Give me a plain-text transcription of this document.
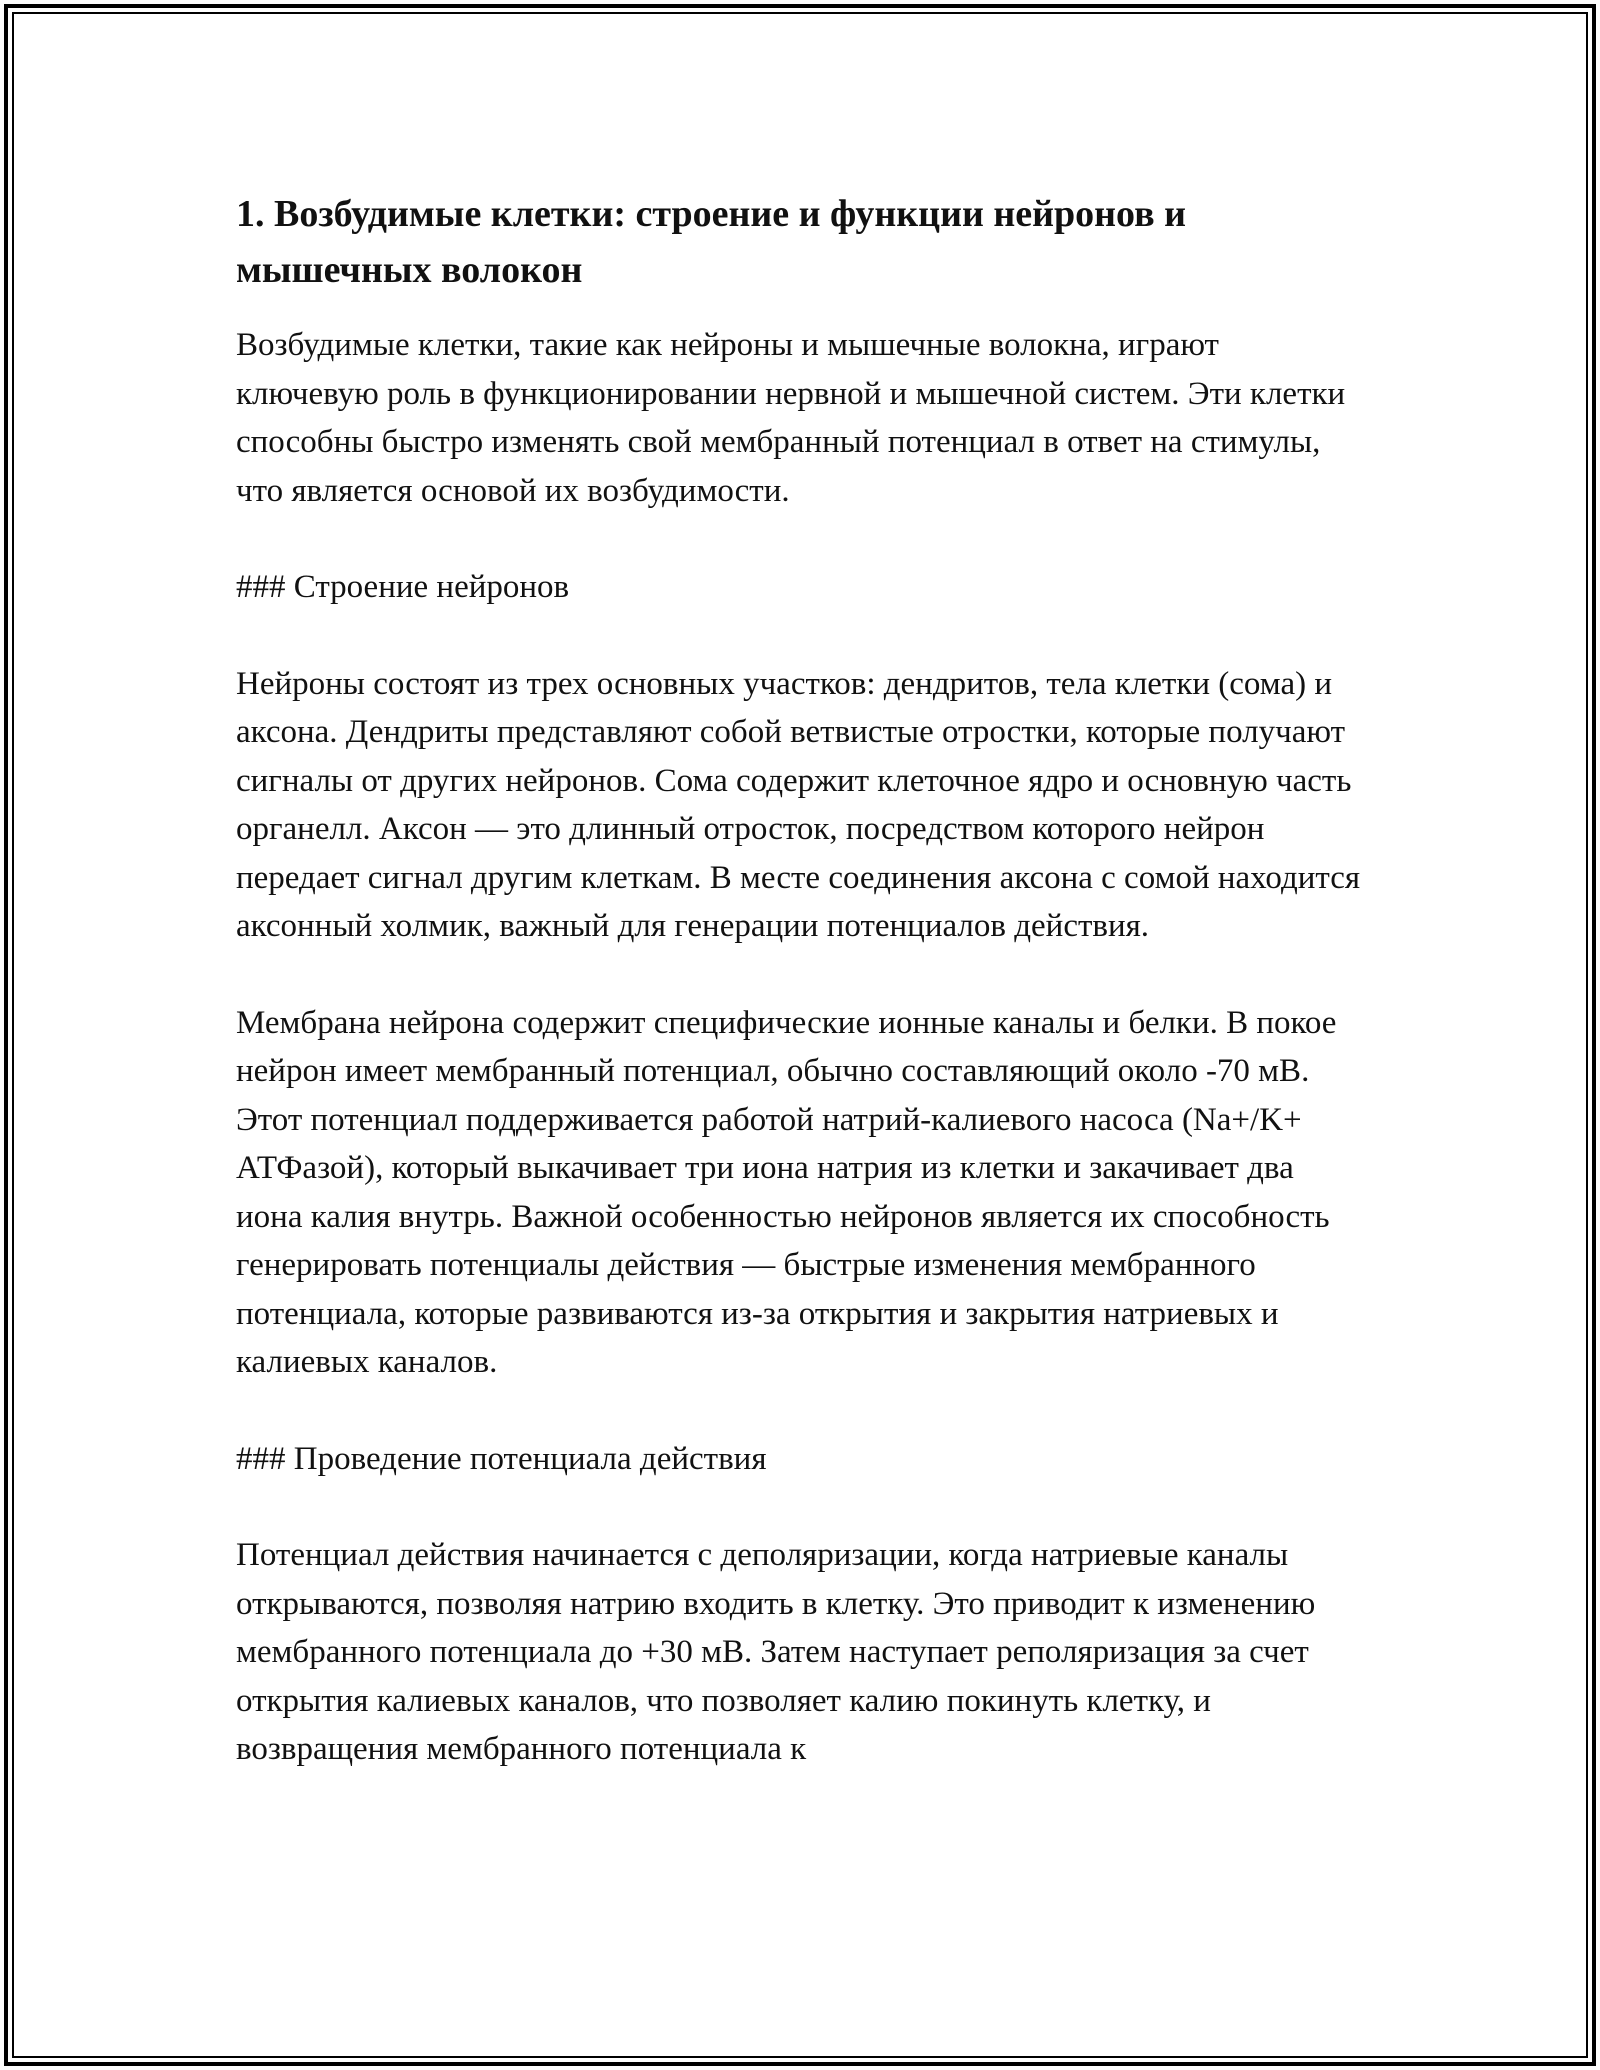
1. Возбудимые клетки: строение и функции нейронов и мышечных волокон

Возбудимые клетки, такие как нейроны и мышечные волокна, играют ключевую роль в функционировании нервной и мышечной систем. Эти клетки способны быстро изменять свой мембранный потенциал в ответ на стимулы, что является основой их возбудимости.

### Строение нейронов

Нейроны состоят из трех основных участков: дендритов, тела клетки (сома) и аксона. Дендриты представляют собой ветвистые отростки, которые получают сигналы от других нейронов. Сома содержит клеточное ядро и основную часть органелл. Аксон — это длинный отросток, посредством которого нейрон передает сигнал другим клеткам. В месте соединения аксона с сомой находится аксонный холмик, важный для генерации потенциалов действия.

Мембрана нейрона содержит специфические ионные каналы и белки. В покое нейрон имеет мембранный потенциал, обычно составляющий около -70 мВ. Этот потенциал поддерживается работой натрий-калиевого насоса (Na+/K+ АТФазой), который выкачивает три иона натрия из клетки и закачивает два иона калия внутрь. Важной особенностью нейронов является их способность генерировать потенциалы действия — быстрые изменения мембранного потенциала, которые развиваются из-за открытия и закрытия натриевых и калиевых каналов.

### Проведение потенциала действия

Потенциал действия начинается с деполяризации, когда натриевые каналы открываются, позволяя натрию входить в клетку. Это приводит к изменению мембранного потенциала до +30 мВ. Затем наступает реполяризация за счет открытия калиевых каналов, что позволяет калию покинуть клетку, и возвращения мембранного потенциала к
